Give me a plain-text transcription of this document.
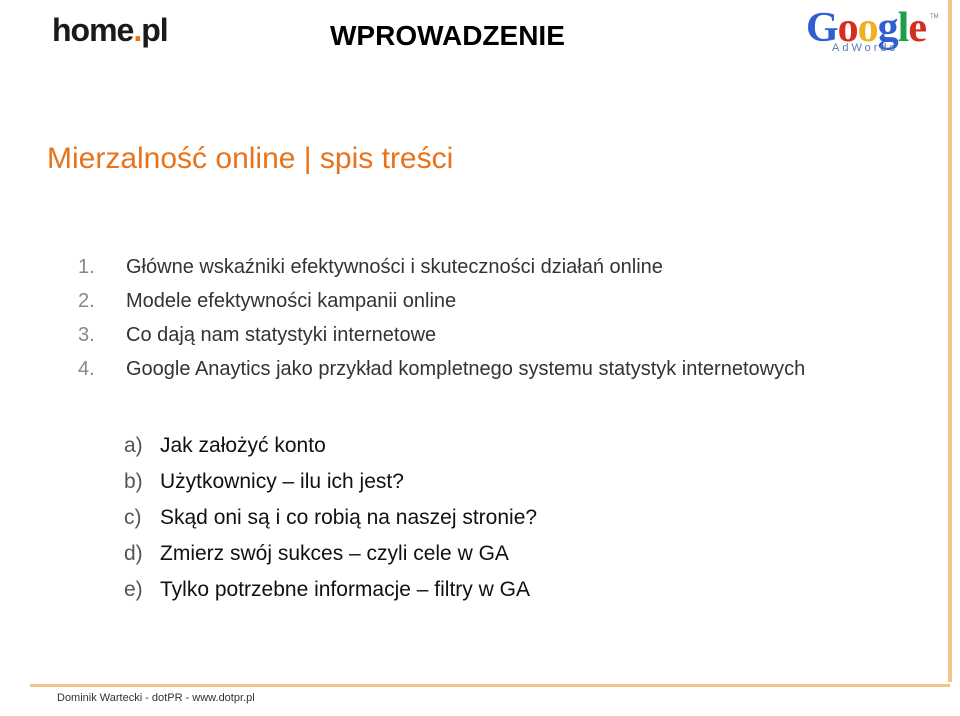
home.pl	WPROWADZENIE	Google
AdWords
TM
Mierzalność online | spis treści
1.	Główne wskaźniki efektywności i skuteczności działań online
2.	Modele efektywności kampanii online
3.	Co dają nam statystyki internetowe
4.	Google Anaytics jako przykład kompletnego systemu statystyk internetowych
a) Jak założyć konto
b) Użytkownicy – ilu ich jest?
c) Skąd oni są i co robią na naszej stronie?
d) Zmierz swój sukces – czyli cele w GA
e) Tylko potrzebne informacje – filtry w GA
Dominik Wartecki - dotPR - www.dotpr.pl
